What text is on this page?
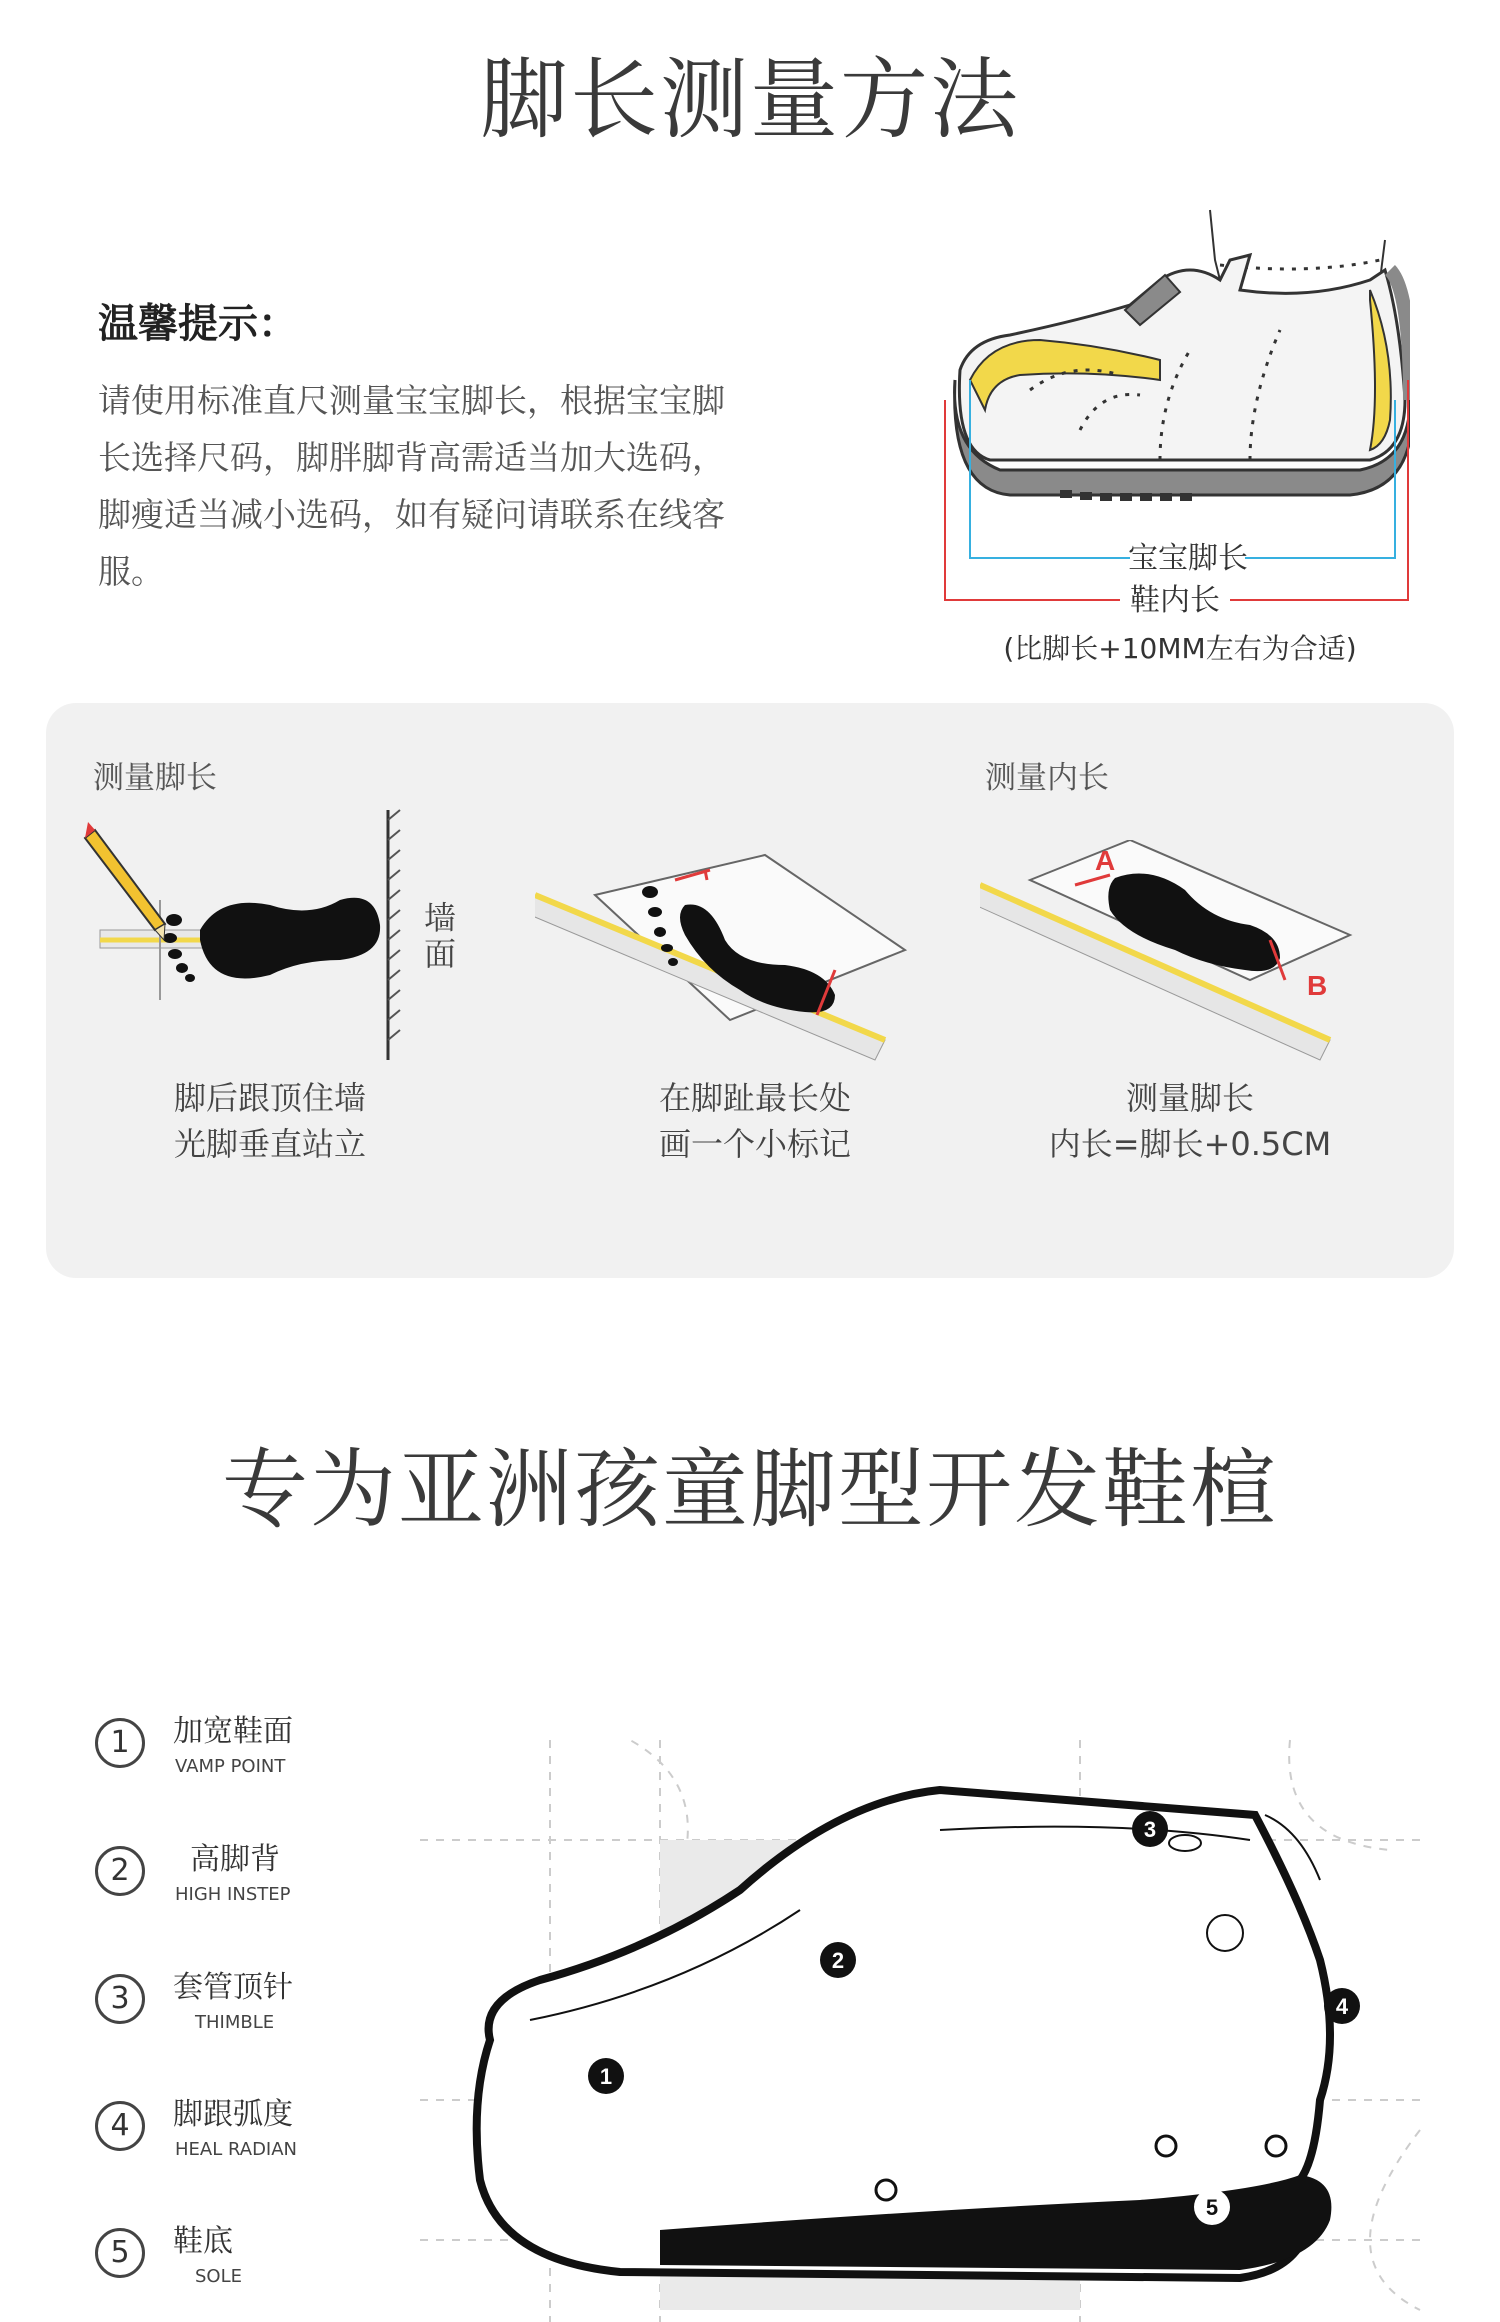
脚长测量方法
温馨提示：
请使用标准直尺测量宝宝脚长，根据宝宝脚
长选择尺码，脚胖脚背高需适当加大选码，
脚瘦适当减小选码，如有疑问请联系在线客
服。	宝宝脚长
鞋内长
(比脚长+10MM左右为合适)
测量脚长	测量内长
墙
面
A
B
脚后跟顶住墙
光脚垂直站立
在脚趾最长处
画一个小标记
测量脚长
内长=脚长+0.5CM
专为亚洲孩童脚型开发鞋楦
1	加宽鞋面
VAMP POINT
2	高脚背
HIGH INSTEP
3	套管顶针
THIMBLE
4	脚跟弧度
HEAL RADIAN
5	鞋底
SOLE
1
2
3
4
5
